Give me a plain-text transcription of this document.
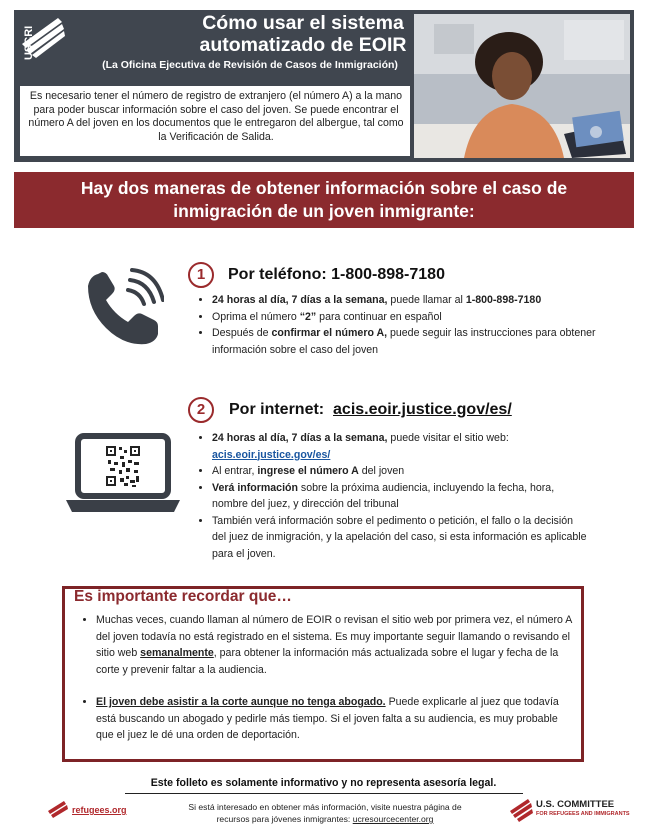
USCRI
Cómo usar el sistema
automatizado de EOIR
(La Oficina Ejecutiva de Revisión de Casos de Inmigración)
Es necesario tener el número de registro de extranjero (el número A) a la mano para poder buscar información sobre el caso del joven. Se puede encontrar el número A del joven en los documentos que le entregaron del albergue, tal como la Verificación de Salida.
Hay dos maneras de obtener información sobre el caso de
inmigración de un joven inmigrante:
1	Por teléfono: 1-800-898-7180
• 24 horas al día, 7 días a la semana, puede llamar al 1-800-898-7180
• Oprima el número “2” para continuar en español
• Después de confirmar el número A, puede seguir las instrucciones para obtener información sobre el caso del joven
2	Por internet: acis.eoir.justice.gov/es/
• 24 horas al día, 7 días a la semana, puede visitar el sitio web:
acis.eoir.justice.gov/es/
• Al entrar, ingrese el número A del joven
• Verá información sobre la próxima audiencia, incluyendo la fecha, hora, nombre del juez, y dirección del tribunal
• También verá información sobre el pedimento o petición, el fallo o la decisión del juez de inmigración, y la apelación del caso, si esta información es aplicable para el joven.
Es importante recordar que…
• Muchas veces, cuando llaman al número de EOIR o revisan el sitio web por primera vez, el número A del joven todavía no está registrado en el sistema. Es muy importante seguir llamando o revisando el sitio web semanalmente, para obtener la información más actualizada sobre el lugar y fecha de la corte y prevenir faltar a la audiencia.
• El joven debe asistir a la corte aunque no tenga abogado. Puede explicarle al juez que todavía está buscando un abogado y pedirle más tiempo. Si el joven falta a su audiencia, es muy probable que el juez le dé una orden de deportación.
Este folleto es solamente informativo y no representa asesoría legal.
refugees.org	Si está interesado en obtener más información, visite nuestra página de
recursos para jóvenes inmigrantes: ucresourcecenter.org
U.S. COMMITTEE
FOR REFUGEES AND IMMIGRANTS
